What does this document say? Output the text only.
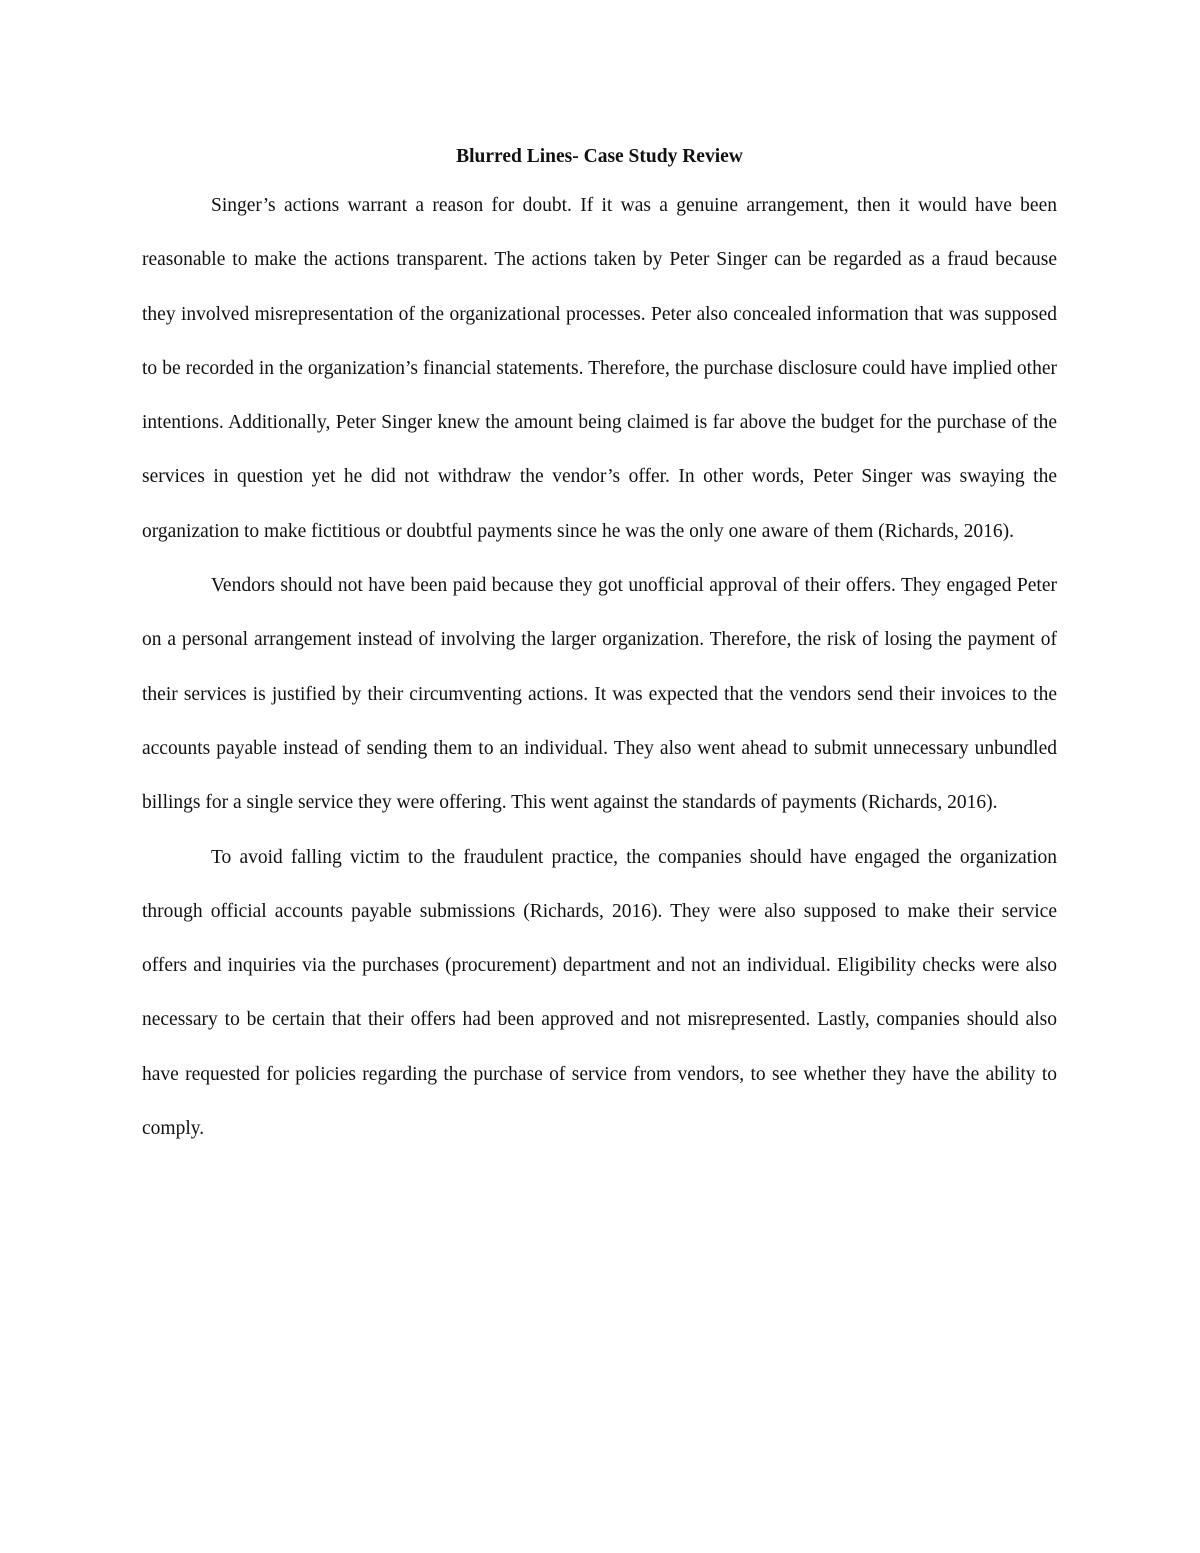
Blurred Lines- Case Study Review

Singer’s actions warrant a reason for doubt. If it was a genuine arrangement, then it would have been reasonable to make the actions transparent. The actions taken by Peter Singer can be regarded as a fraud because they involved misrepresentation of the organizational processes. Peter also concealed information that was supposed to be recorded in the organization’s financial statements. Therefore, the purchase disclosure could have implied other intentions. Additionally, Peter Singer knew the amount being claimed is far above the budget for the purchase of the services in question yet he did not withdraw the vendor’s offer. In other words, Peter Singer was swaying the organization to make fictitious or doubtful payments since he was the only one aware of them (Richards, 2016).

Vendors should not have been paid because they got unofficial approval of their offers. They engaged Peter on a personal arrangement instead of involving the larger organization. Therefore, the risk of losing the payment of their services is justified by their circumventing actions. It was expected that the vendors send their invoices to the accounts payable instead of sending them to an individual. They also went ahead to submit unnecessary unbundled billings for a single service they were offering. This went against the standards of payments (Richards, 2016).

To avoid falling victim to the fraudulent practice, the companies should have engaged the organization through official accounts payable submissions (Richards, 2016). They were also supposed to make their service offers and inquiries via the purchases (procurement) department and not an individual. Eligibility checks were also necessary to be certain that their offers had been approved and not misrepresented. Lastly, companies should also have requested for policies regarding the purchase of service from vendors, to see whether they have the ability to comply.
